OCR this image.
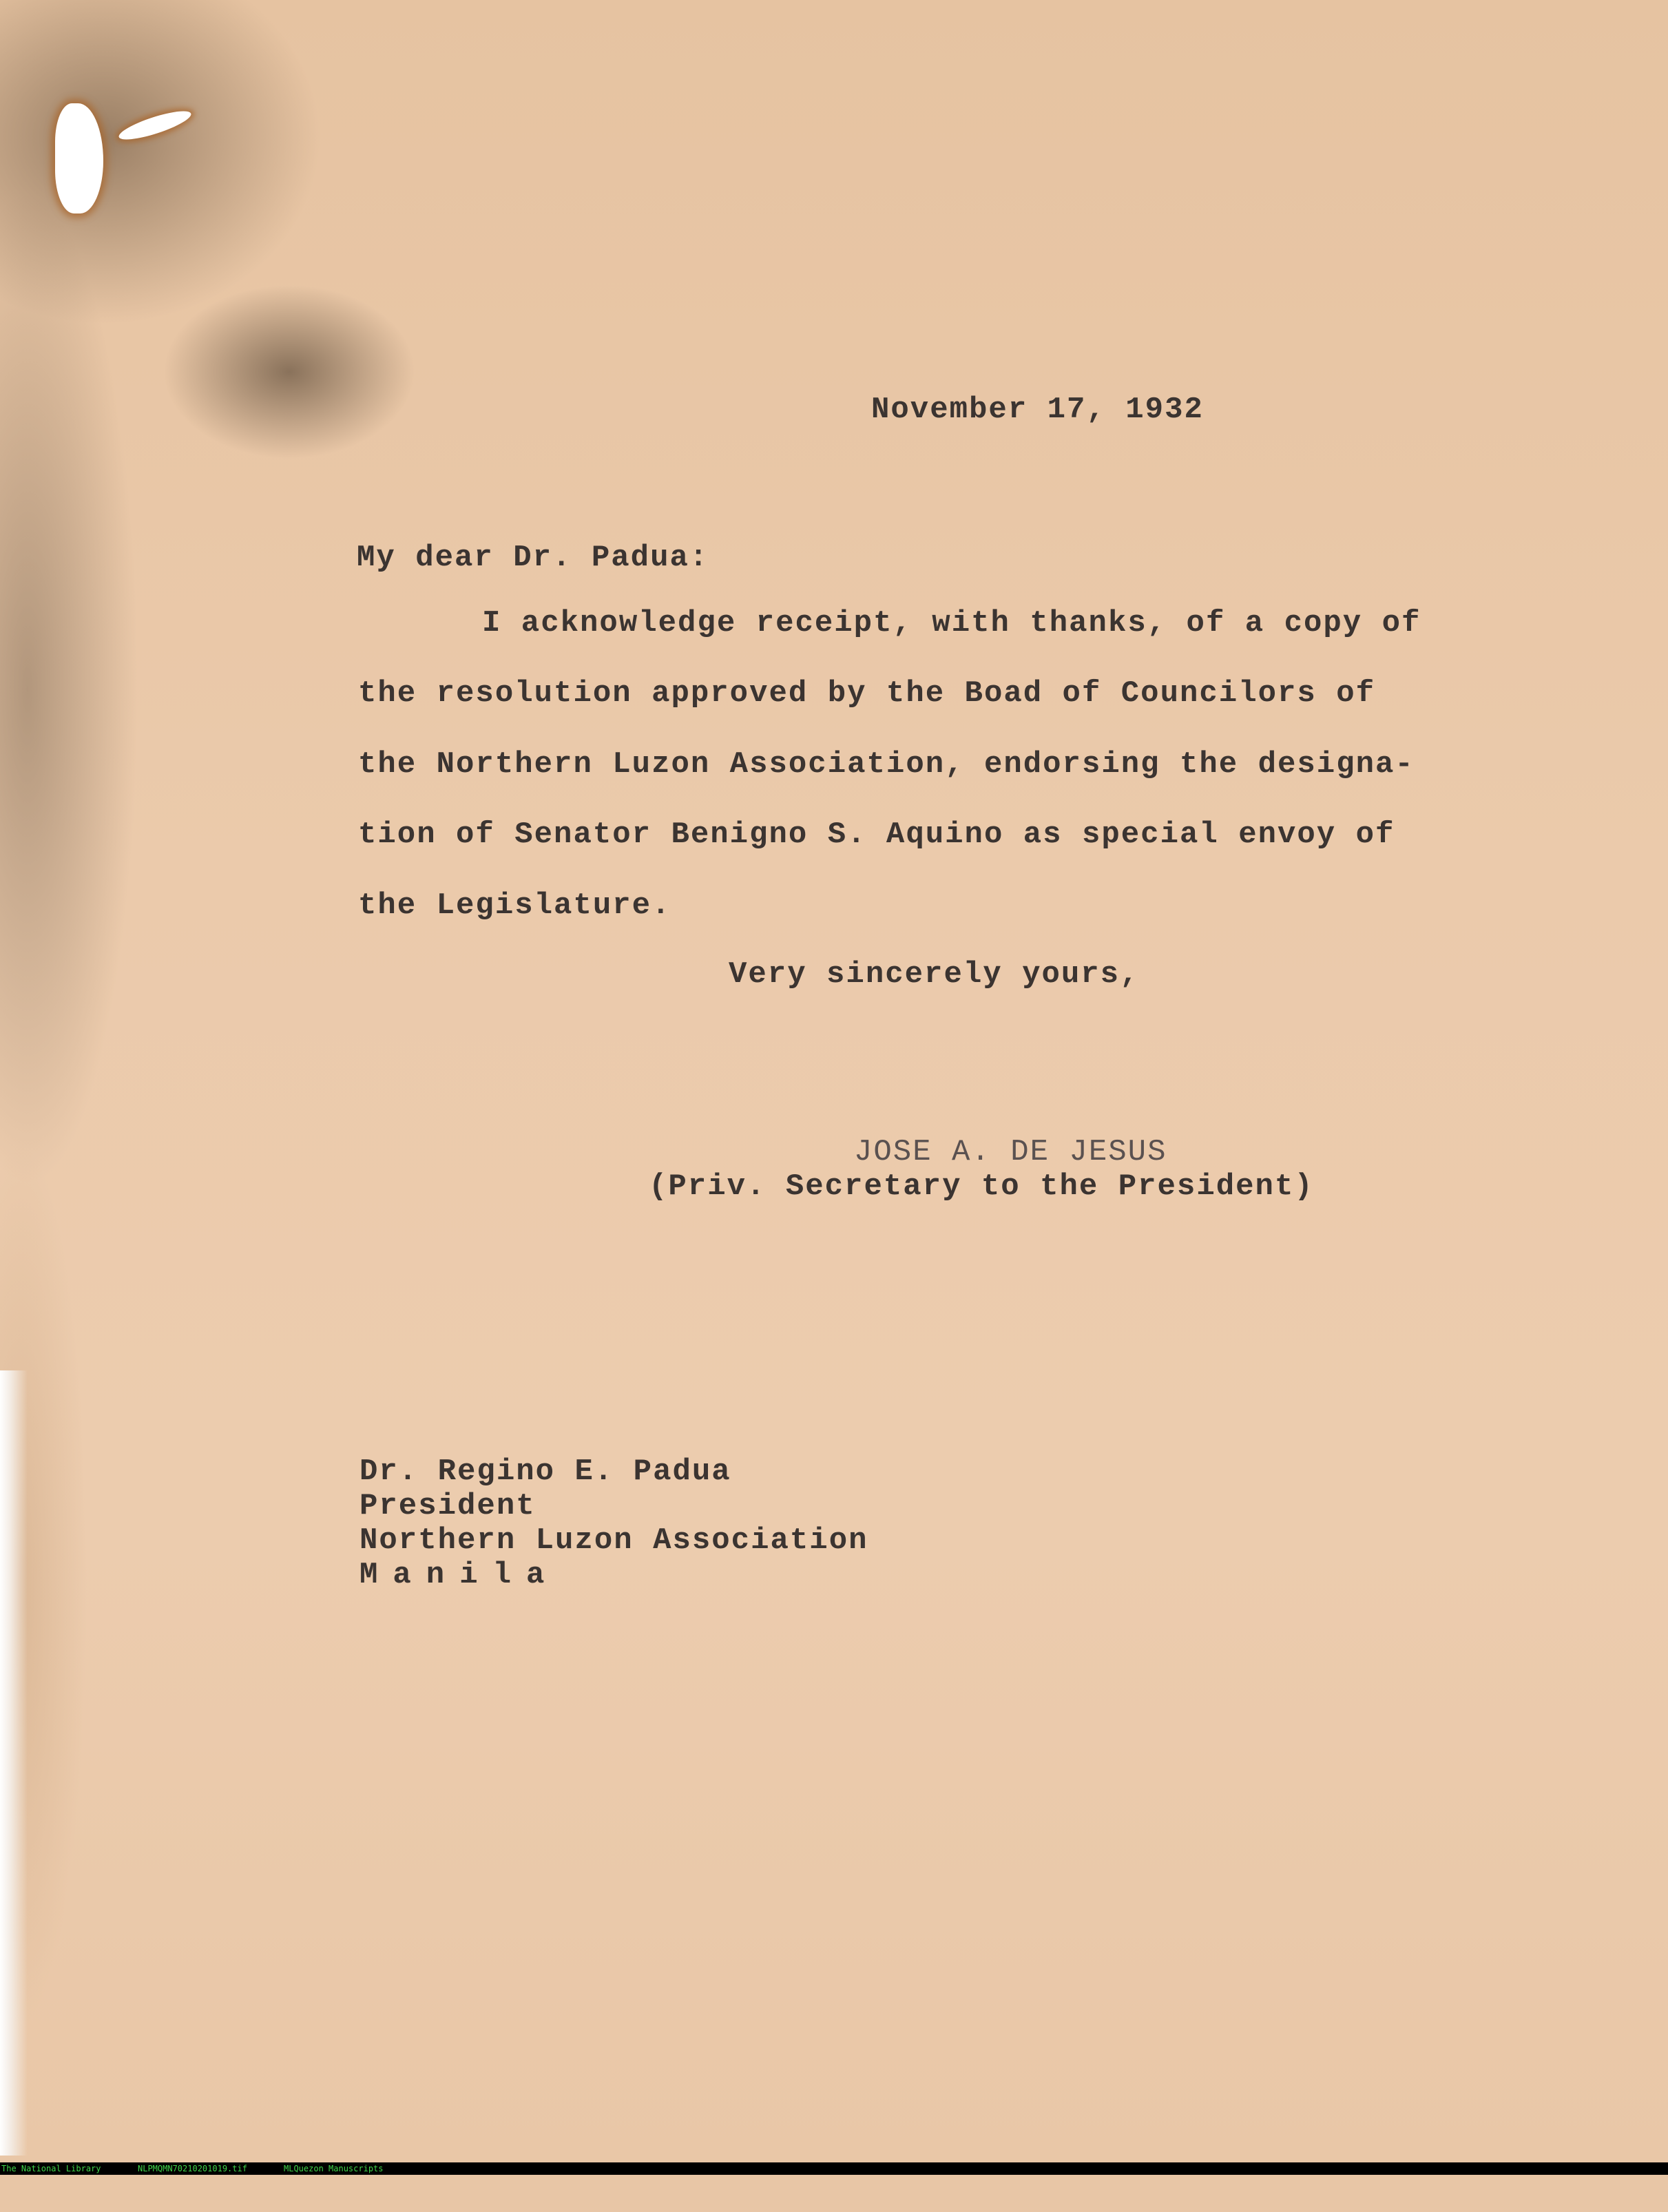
November 17, 1932
My dear Dr. Padua:
I acknowledge receipt, with thanks, of a copy of
the resolution approved by the Boad of Councilors of
the Northern Luzon Association, endorsing the designa-
tion of Senator Benigno S. Aquino as special envoy of
the Legislature.
Very sincerely yours,
JOSE A. DE JESUS
(Priv. Secretary to the President)
Dr. Regino E. Padua
President
Northern Luzon Association
Manila

The National Library

	NLPMQMN70210201019.tif

	MLQuezon Manuscripts
